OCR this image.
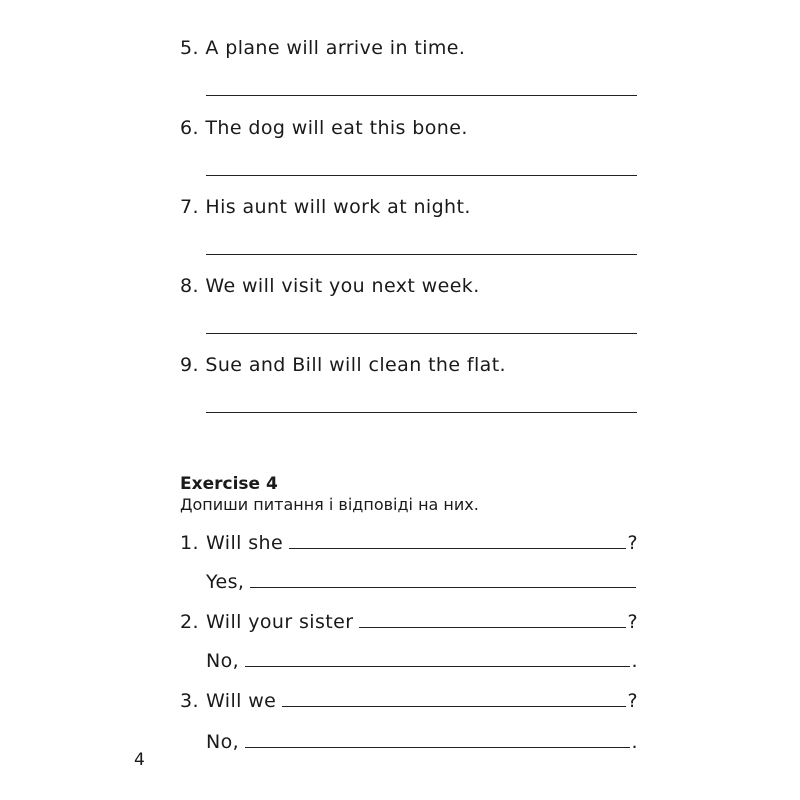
5. A plane will arrive in time.
6. The dog will eat this bone.
7. His aunt will work at night.
8. We will visit you next week.
9. Sue and Bill will clean the flat.
Exercise 4
Допиши питання і відповіді на них.
1. Will she	?
Yes,
2. Will your sister	?
No,	.
3. Will we	?
No,	.
4
